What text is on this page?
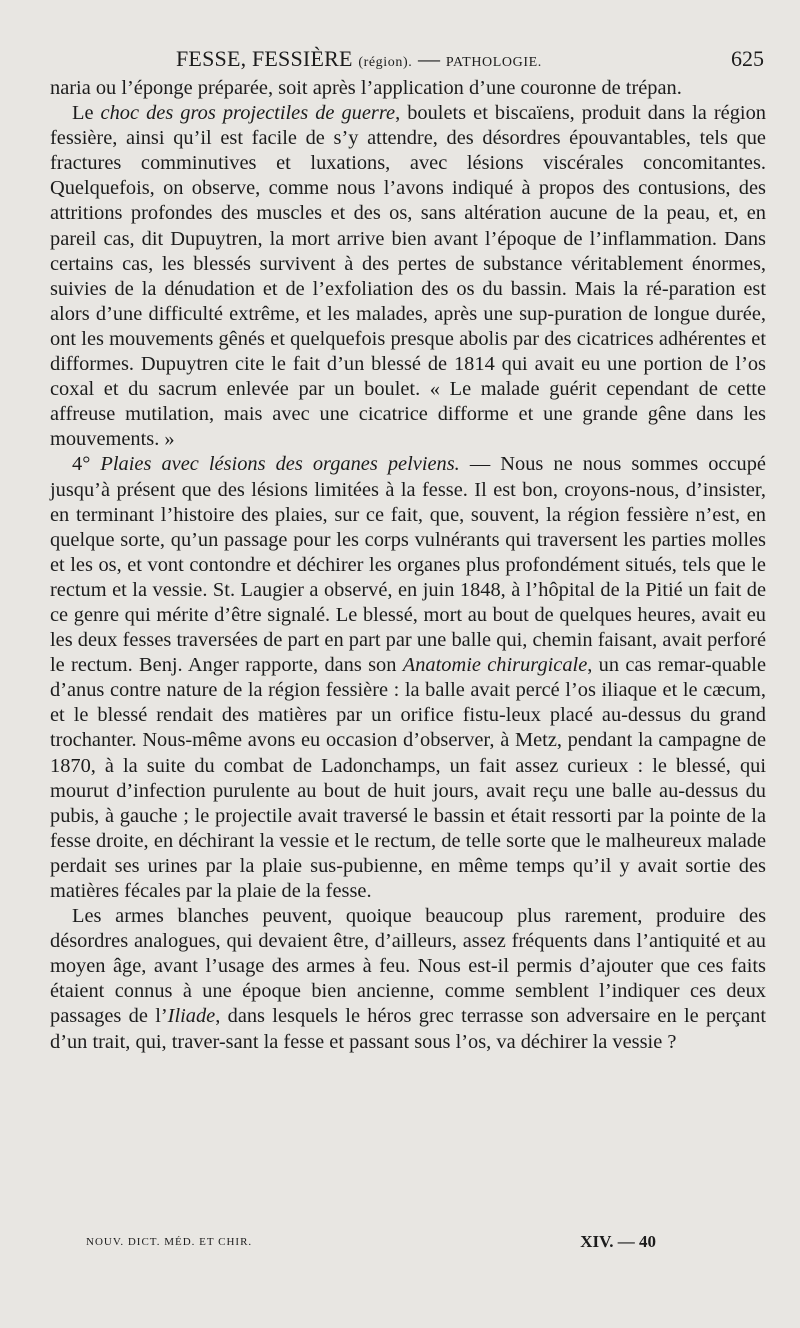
FESSE, FESSIÈRE (région). — PATHOLOGIE.	625

naria ou l’éponge préparée, soit après l’application d’une couronne de trépan.

Le choc des gros projectiles de guerre, boulets et biscaïens, produit dans la région fessière, ainsi qu’il est facile de s’y attendre, des désordres épouvantables, tels que fractures comminutives et luxations, avec lésions viscérales concomitantes. Quelquefois, on observe, comme nous l’avons indiqué à propos des contusions, des attritions profondes des muscles et des os, sans altération aucune de la peau, et, en pareil cas, dit Dupuytren, la mort arrive bien avant l’époque de l’inflammation. Dans certains cas, les blessés survivent à des pertes de substance véritablement énormes, suivies de la dénudation et de l’exfoliation des os du bassin. Mais la ré-paration est alors d’une difficulté extrême, et les malades, après une sup-puration de longue durée, ont les mouvements gênés et quelquefois presque abolis par des cicatrices adhérentes et difformes. Dupuytren cite le fait d’un blessé de 1814 qui avait eu une portion de l’os coxal et du sacrum enlevée par un boulet. « Le malade guérit cependant de cette affreuse mutilation, mais avec une cicatrice difforme et une grande gêne dans les mouvements. »

4° Plaies avec lésions des organes pelviens. — Nous ne nous sommes occupé jusqu’à présent que des lésions limitées à la fesse. Il est bon, croyons-nous, d’insister, en terminant l’histoire des plaies, sur ce fait, que, souvent, la région fessière n’est, en quelque sorte, qu’un passage pour les corps vulnérants qui traversent les parties molles et les os, et vont contondre et déchirer les organes plus profondément situés, tels que le rectum et la vessie. St. Laugier a observé, en juin 1848, à l’hôpital de la Pitié un fait de ce genre qui mérite d’être signalé. Le blessé, mort au bout de quelques heures, avait eu les deux fesses traversées de part en part par une balle qui, chemin faisant, avait perforé le rectum. Benj. Anger rapporte, dans son Anatomie chirurgicale, un cas remar-quable d’anus contre nature de la région fessière : la balle avait percé l’os iliaque et le cæcum, et le blessé rendait des matières par un orifice fistu-leux placé au-dessus du grand trochanter. Nous-même avons eu occasion d’observer, à Metz, pendant la campagne de 1870, à la suite du combat de Ladonchamps, un fait assez curieux : le blessé, qui mourut d’infection purulente au bout de huit jours, avait reçu une balle au-dessus du pubis, à gauche ; le projectile avait traversé le bassin et était ressorti par la pointe de la fesse droite, en déchirant la vessie et le rectum, de telle sorte que le malheureux malade perdait ses urines par la plaie sus-pubienne, en même temps qu’il y avait sortie des matières fécales par la plaie de la fesse.

Les armes blanches peuvent, quoique beaucoup plus rarement, produire des désordres analogues, qui devaient être, d’ailleurs, assez fréquents dans l’antiquité et au moyen âge, avant l’usage des armes à feu. Nous est-il permis d’ajouter que ces faits étaient connus à une époque bien ancienne, comme semblent l’indiquer ces deux passages de l’Iliade, dans lesquels le héros grec terrasse son adversaire en le perçant d’un trait, qui, traver-sant la fesse et passant sous l’os, va déchirer la vessie ?

NOUV. DICT. MÉD. ET CHIR.	XIV. — 40
